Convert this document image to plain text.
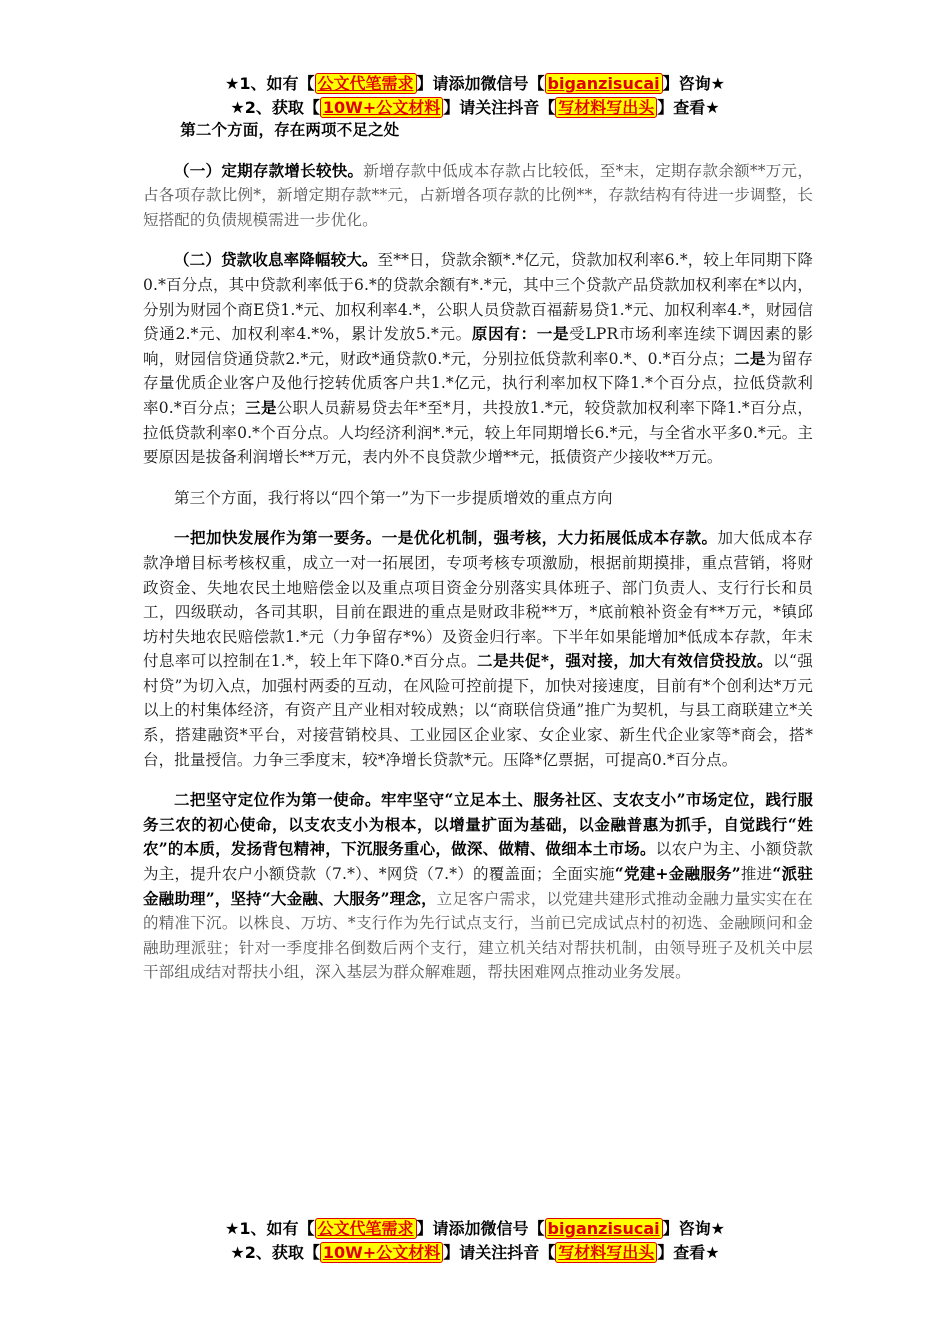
★1、如有【 公文代笔需求 】请添加微信号【 biganzisucai 】咨询★
★2、获取【 10W+公文材料 】请关注抖音【 写材料写出头 】查看★

第二个方面，存在两项不足之处

（一）定期存款增长较快。新增存款中低成本存款占比较低，至*末，定期存款余额**万元，占各项存款比例*，新增定期存款**元，占新增各项存款的比例**，存款结构有待进一步调整，长短搭配的负债规模需进一步优化。

（二）贷款收息率降幅较大。至**日，贷款余额*.*亿元，贷款加权利率6.*，较上年同期下降0.*百分点，其中贷款利率低于6.*的贷款余额有*.*元，其中三个贷款产品贷款加权利率在*以内，分别为财园个商E贷1.*元、加权利率4.*，公职人员贷款百福薪易贷1.*元、加权利率4.*，财园信贷通2.*元、加权利率4.*%，累计发放5.*元。原因有：一是受LPR市场利率连续下调因素的影响，财园信贷通贷款2.*元，财政*通贷款0.*元，分别拉低贷款利率0.*、0.*百分点；二是为留存存量优质企业客户及他行挖转优质客户共1.*亿元，执行利率加权下降1.*个百分点，拉低贷款利率0.*百分点；三是公职人员薪易贷去年*至*月，共投放1.*元，较贷款加权利率下降1.*百分点，拉低贷款利率0.*个百分点。人均经济利润*.*元，较上年同期增长6.*元，与全省水平多0.*元。主要原因是拔备利润增长**万元，表内外不良贷款少增**元，抵债资产少接收**万元。

第三个方面，我行将以“四个第一”为下一步提质增效的重点方向

一把加快发展作为第一要务。一是优化机制，强考核，大力拓展低成本存款。加大低成本存款净增目标考核权重，成立一对一拓展团，专项考核专项激励，根据前期摸排，重点营销，将财政资金、失地农民土地赔偿金以及重点项目资金分别落实具体班子、部门负责人、支行行长和员工，四级联动，各司其职，目前在跟进的重点是财政非税**万，*底前粮补资金有**万元，*镇邱坊村失地农民赔偿款1.*元（力争留存*%）及资金归行率。下半年如果能增加*低成本存款，年末付息率可以控制在1.*，较上年下降0.*百分点。二是共促*，强对接，加大有效信贷投放。以“强村贷”为切入点，加强村两委的互动，在风险可控前提下，加快对接速度，目前有*个创利达*万元以上的村集体经济，有资产且产业相对较成熟；以“商联信贷通”推广为契机，与县工商联建立*关系，搭建融资*平台，对接营销校具、工业园区企业家、女企业家、新生代企业家等*商会，搭*台，批量授信。力争三季度末，较*净增长贷款*元。压降*亿票据，可提高0.*百分点。

二把坚守定位作为第一使命。牢牢坚守“立足本土、服务社区、支农支小”市场定位，践行服务三农的初心使命，以支农支小为根本，以增量扩面为基础，以金融普惠为抓手，自觉践行“姓农”的本质，发扬背包精神，下沉服务重心，做深、做精、做细本土市场。以农户为主、小额贷款为主，提升农户小额贷款（7.*）、*网贷（7.*）的覆盖面；全面实施“党建+金融服务”推进“派驻金融助理”，坚持“大金融、大服务”理念，立足客户需求，以党建共建形式推动金融力量实实在在的精准下沉。以株良、万坊、*支行作为先行试点支行，当前已完成试点村的初选、金融顾问和金融助理派驻；针对一季度排名倒数后两个支行，建立机关结对帮扶机制，由领导班子及机关中层干部组成结对帮扶小组，深入基层为群众解难题，帮扶困难网点推动业务发展。

★1、如有【 公文代笔需求 】请添加微信号【 biganzisucai 】咨询★
★2、获取【 10W+公文材料 】请关注抖音【 写材料写出头 】查看★
